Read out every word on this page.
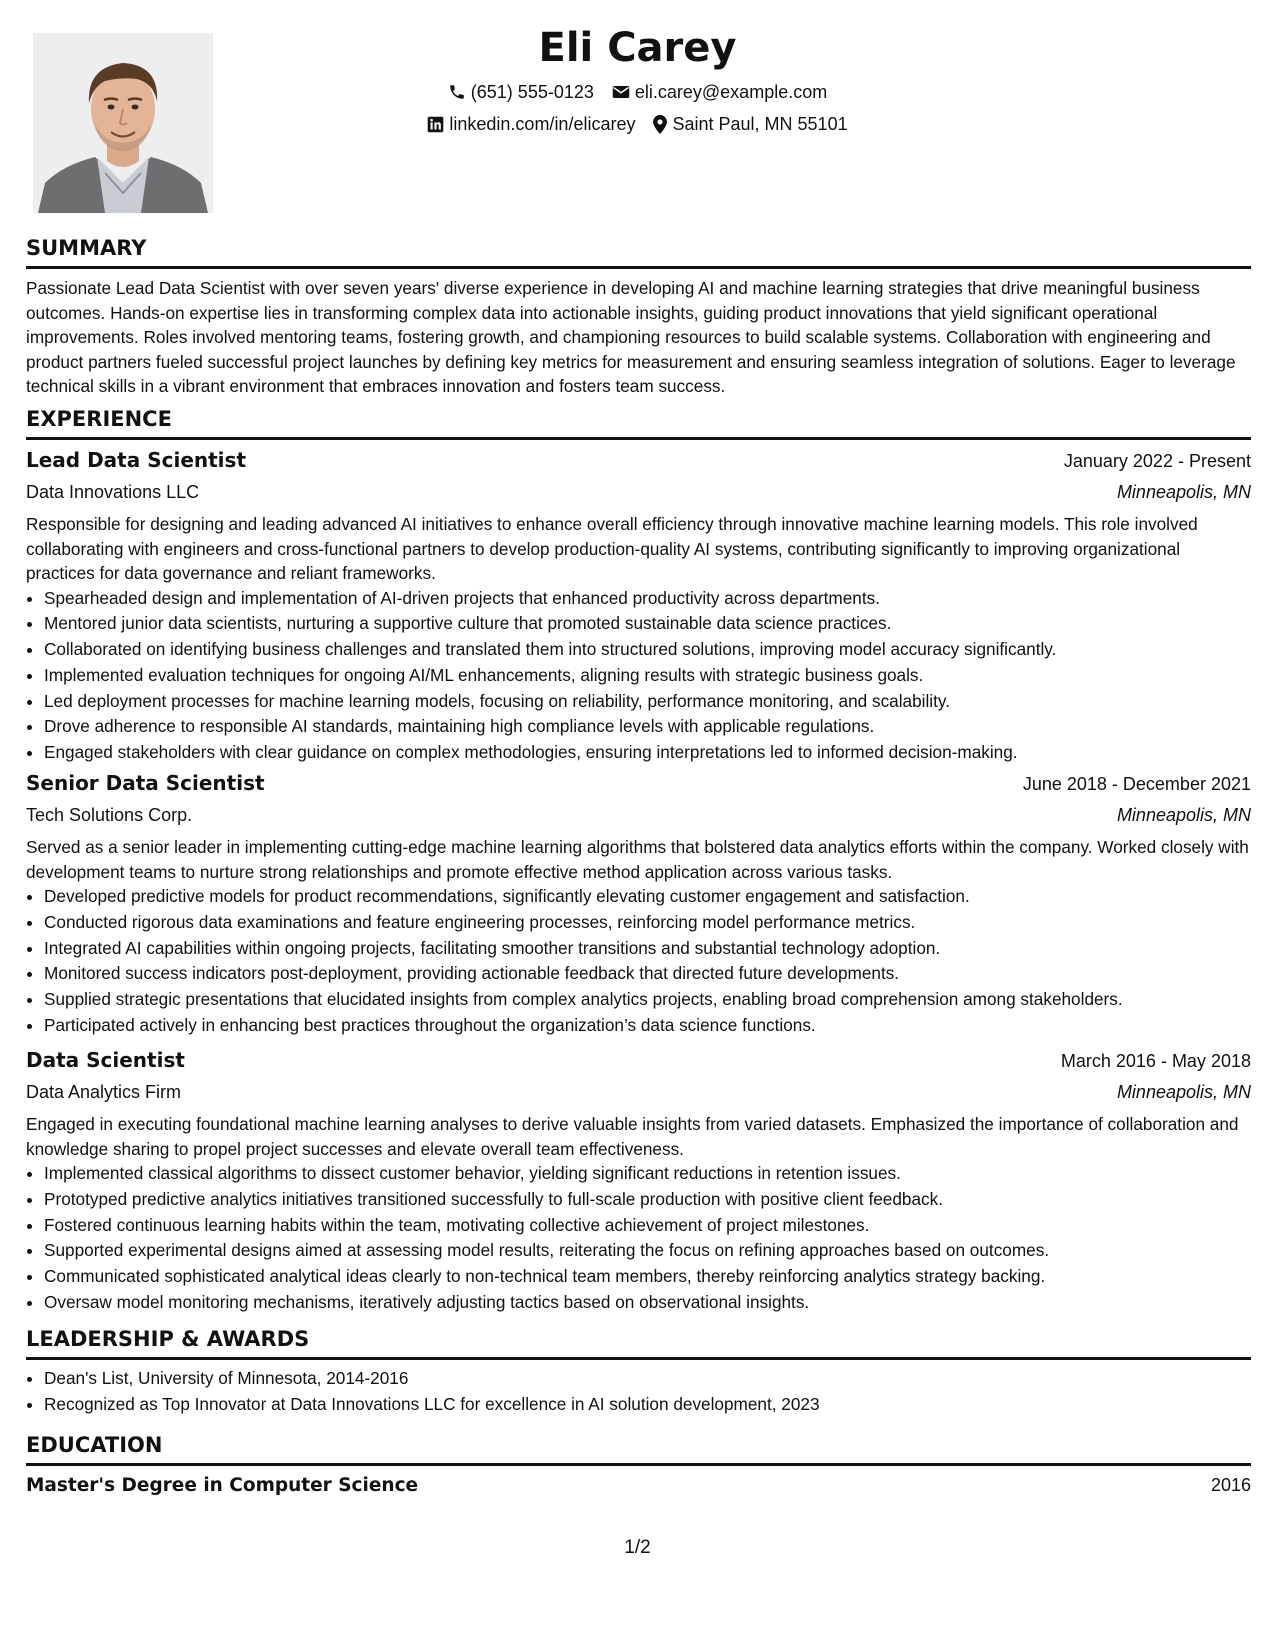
Eli Carey
(651) 555-0123 eli.carey@example.com
linkedin.com/in/elicarey Saint Paul, MN 55101
SUMMARY

Passionate Lead Data Scientist with over seven years' diverse experience in developing AI and machine learning strategies that drive meaningful business outcomes. Hands-on expertise lies in transforming complex data into actionable insights, guiding product innovations that yield significant operational improvements. Roles involved mentoring teams, fostering growth, and championing resources to build scalable systems. Collaboration with engineering and product partners fueled successful project launches by defining key metrics for measurement and ensuring seamless integration of solutions. Eager to leverage technical skills in a vibrant environment that embraces innovation and fosters team success.

EXPERIENCE
Lead Data Scientist	January 2022 - Present
Data Innovations LLC	Minneapolis, MN

Responsible for designing and leading advanced AI initiatives to enhance overall efficiency through innovative machine learning models. This role involved collaborating with engineers and cross-functional partners to develop production-quality AI systems, contributing significantly to improving organizational practices for data governance and reliant frameworks.

• Spearheaded design and implementation of AI-driven projects that enhanced productivity across departments.
• Mentored junior data scientists, nurturing a supportive culture that promoted sustainable data science practices.
• Collaborated on identifying business challenges and translated them into structured solutions, improving model accuracy significantly.
• Implemented evaluation techniques for ongoing AI/ML enhancements, aligning results with strategic business goals.
• Led deployment processes for machine learning models, focusing on reliability, performance monitoring, and scalability.
• Drove adherence to responsible AI standards, maintaining high compliance levels with applicable regulations.
• Engaged stakeholders with clear guidance on complex methodologies, ensuring interpretations led to informed decision-making.
Senior Data Scientist	June 2018 - December 2021
Tech Solutions Corp.	Minneapolis, MN

Served as a senior leader in implementing cutting-edge machine learning algorithms that bolstered data analytics efforts within the company. Worked closely with development teams to nurture strong relationships and promote effective method application across various tasks.

• Developed predictive models for product recommendations, significantly elevating customer engagement and satisfaction.
• Conducted rigorous data examinations and feature engineering processes, reinforcing model performance metrics.
• Integrated AI capabilities within ongoing projects, facilitating smoother transitions and substantial technology adoption.
• Monitored success indicators post-deployment, providing actionable feedback that directed future developments.
• Supplied strategic presentations that elucidated insights from complex analytics projects, enabling broad comprehension among stakeholders.
• Participated actively in enhancing best practices throughout the organization’s data science functions.
Data Scientist	March 2016 - May 2018
Data Analytics Firm	Minneapolis, MN

Engaged in executing foundational machine learning analyses to derive valuable insights from varied datasets. Emphasized the importance of collaboration and knowledge sharing to propel project successes and elevate overall team effectiveness.

• Implemented classical algorithms to dissect customer behavior, yielding significant reductions in retention issues.
• Prototyped predictive analytics initiatives transitioned successfully to full-scale production with positive client feedback.
• Fostered continuous learning habits within the team, motivating collective achievement of project milestones.
• Supported experimental designs aimed at assessing model results, reiterating the focus on refining approaches based on outcomes.
• Communicated sophisticated analytical ideas clearly to non-technical team members, thereby reinforcing analytics strategy backing.
• Oversaw model monitoring mechanisms, iteratively adjusting tactics based on observational insights.
LEADERSHIP & AWARDS
• Dean's List, University of Minnesota, 2014-2016
• Recognized as Top Innovator at Data Innovations LLC for excellence in AI solution development, 2023
EDUCATION
Master's Degree in Computer Science	2016
1/2
